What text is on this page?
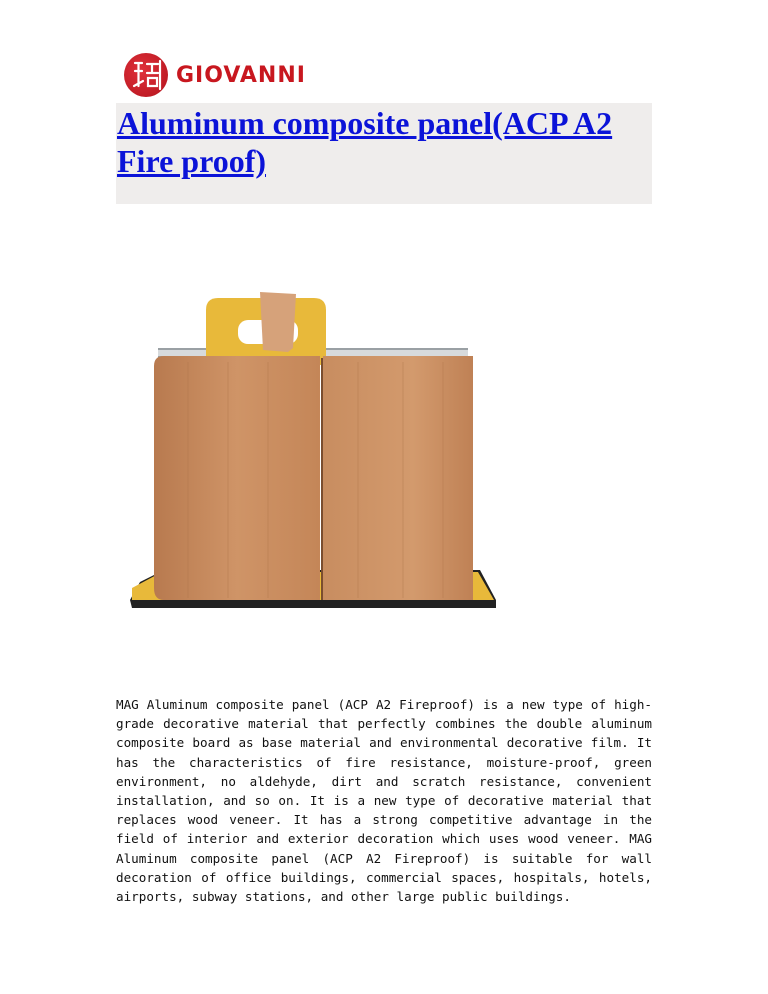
GIOVANNI
Aluminum composite panel(ACP A2 Fire proof)

MAG Aluminum composite panel (ACP A2 Fireproof) is a new type of high-grade decorative material that perfectly combines the double aluminum composite board as base material and environmental decorative film. It has the characteristics of fire resistance, moisture-proof, green environment, no aldehyde, dirt and scratch resistance, convenient installation, and so on. It is a new type of decorative material that replaces wood veneer. It has a strong competitive advantage in the field of interior and exterior decoration which uses wood veneer. MAG Aluminum composite panel (ACP A2 Fireproof) is suitable for wall decoration of office buildings, commercial spaces, hospitals, hotels, airports, subway stations, and other large public buildings.
